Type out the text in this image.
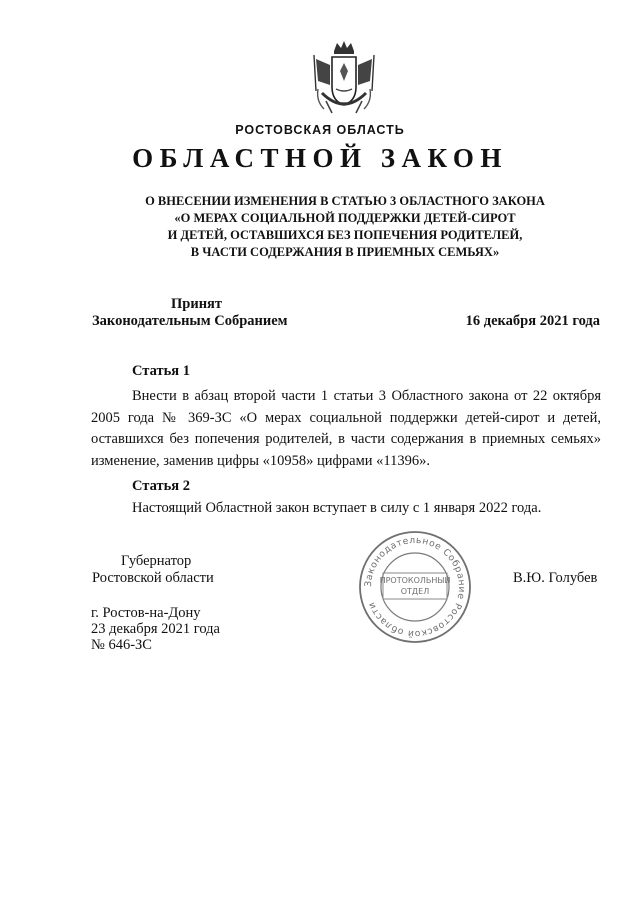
РОСТОВСКАЯ ОБЛАСТЬ
ОБЛАСТНОЙ ЗАКОН
О ВНЕСЕНИИ ИЗМЕНЕНИЯ В СТАТЬЮ 3 ОБЛАСТНОГО ЗАКОНА
«О МЕРАХ СОЦИАЛЬНОЙ ПОДДЕРЖКИ ДЕТЕЙ-СИРОТ
И ДЕТЕЙ, ОСТАВШИХСЯ БЕЗ ПОПЕЧЕНИЯ РОДИТЕЛЕЙ,
В ЧАСТИ СОДЕРЖАНИЯ В ПРИЕМНЫХ СЕМЬЯХ»
Принят
Законодательным Собранием	16 декабря 2021 года
Статья 1
Внести в абзац второй части 1 статьи 3 Областного закона от 22 октября 2005 года № 369-ЗС «О мерах социальной поддержки детей-сирот и детей, оставшихся без попечения родителей, в части содержания в приемных семьях» изменение, заменив цифры «10958» цифрами «11396».
Статья 2
Настоящий Областной закон вступает в силу с 1 января 2022 года.
Губернатор
Ростовской области	В.Ю. Голубев
г. Ростов-на-Дону
23 декабря 2021 года
№ 646-ЗС
Законодательное Собрание Ростовской области
ПРОТОКОЛЬНЫЙ
ОТДЕЛ
